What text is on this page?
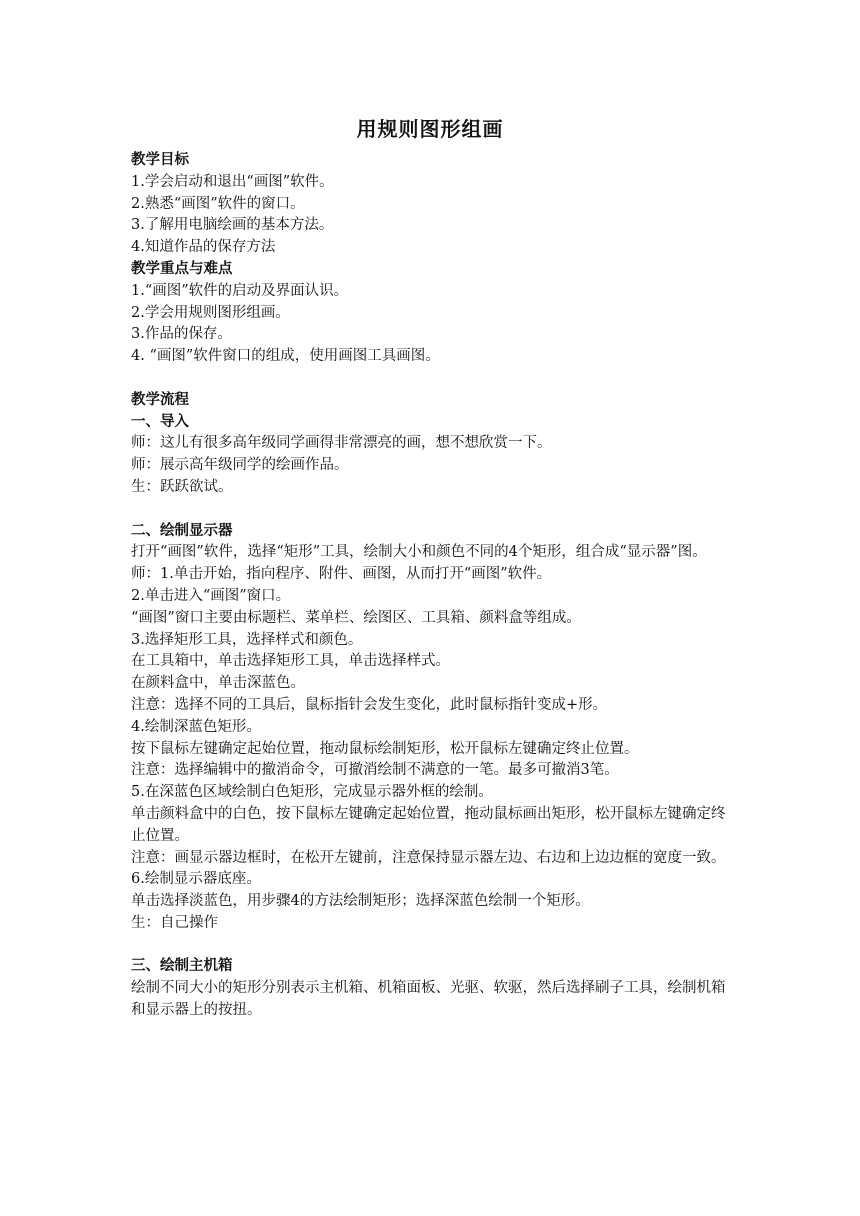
用规则图形组画

教学目标

1.学会启动和退出“画图”软件。

2.熟悉“画图”软件的窗口。

3.了解用电脑绘画的基本方法。

4.知道作品的保存方法

教学重点与难点

1.“画图”软件的启动及界面认识。

2.学会用规则图形组画。

3.作品的保存。

4. “画图”软件窗口的组成，使用画图工具画图。

教学流程

一、导入

师：这儿有很多高年级同学画得非常漂亮的画，想不想欣赏一下。

师：展示高年级同学的绘画作品。

生：跃跃欲试。

二、绘制显示器

打开“画图”软件，选择“矩形”工具，绘制大小和颜色不同的4个矩形，组合成“显示器”图。

师：1.单击开始，指向程序、附件、画图，从而打开“画图”软件。

2.单击进入“画图”窗口。

“画图”窗口主要由标题栏、菜单栏、绘图区、工具箱、颜料盒等组成。

3.选择矩形工具，选择样式和颜色。

在工具箱中，单击选择矩形工具，单击选择样式。

在颜料盒中，单击深蓝色。

注意：选择不同的工具后，鼠标指针会发生变化，此时鼠标指针变成+形。

4.绘制深蓝色矩形。

按下鼠标左键确定起始位置，拖动鼠标绘制矩形，松开鼠标左键确定终止位置。

注意：选择编辑中的撤消命令，可撤消绘制不满意的一笔。最多可撤消3笔。

5.在深蓝色区域绘制白色矩形，完成显示器外框的绘制。

单击颜料盒中的白色，按下鼠标左键确定起始位置，拖动鼠标画出矩形，松开鼠标左键确定终止位置。

注意：画显示器边框时，在松开左键前，注意保持显示器左边、右边和上边边框的宽度一致。

6.绘制显示器底座。

单击选择淡蓝色，用步骤4的方法绘制矩形；选择深蓝色绘制一个矩形。

生：自己操作

三、绘制主机箱

绘制不同大小的矩形分别表示主机箱、机箱面板、光驱、软驱，然后选择刷子工具，绘制机箱和显示器上的按扭。
